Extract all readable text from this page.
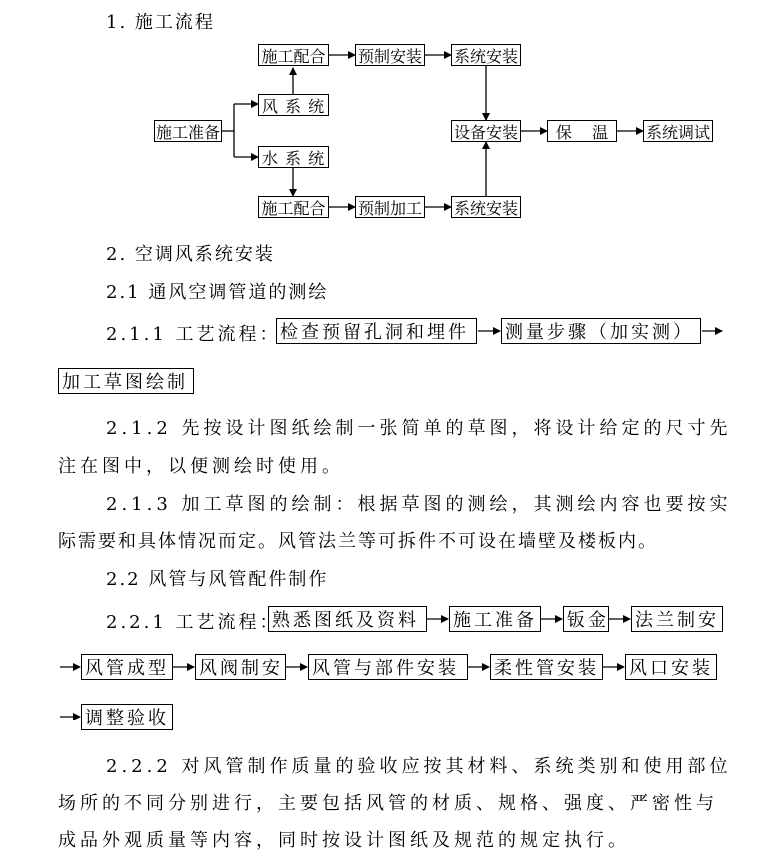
1. 施工流程
施工准备
风 系 统
水 系 统
施工配合 预制安装 系统安装
设备安装	保    温	系统调试
施工配合 预制加工 系统安装
2. 空调风系统安装
2.1 通风空调管道的测绘
2.1.1 工艺流程： 检查预留孔洞和埋件	测量步骤（加实测）
加工草图绘制
2.1.2 先按设计图纸绘制一张简单的草图，将设计给定的尺寸先
注在图中，以便测绘时使用。
2.1.3 加工草图的绘制：根据草图的测绘，其测绘内容也要按实
际需要和具体情况而定。风管法兰等可拆件不可设在墙壁及楼板内。
2.2 风管与风管配件制作
2.2.1 工艺流程：
熟悉图纸及资料	施工准备 钣金 法兰制安
风管成型 风阀制安 风管与部件安装	柔性管安装 风口安装
调整验收
2.2.2 对风管制作质量的验收应按其材料、系统类别和使用部位
场所的不同分别进行，主要包括风管的材质、规格、强度、严密性与
成品外观质量等内容，同时按设计图纸及规范的规定执行。
